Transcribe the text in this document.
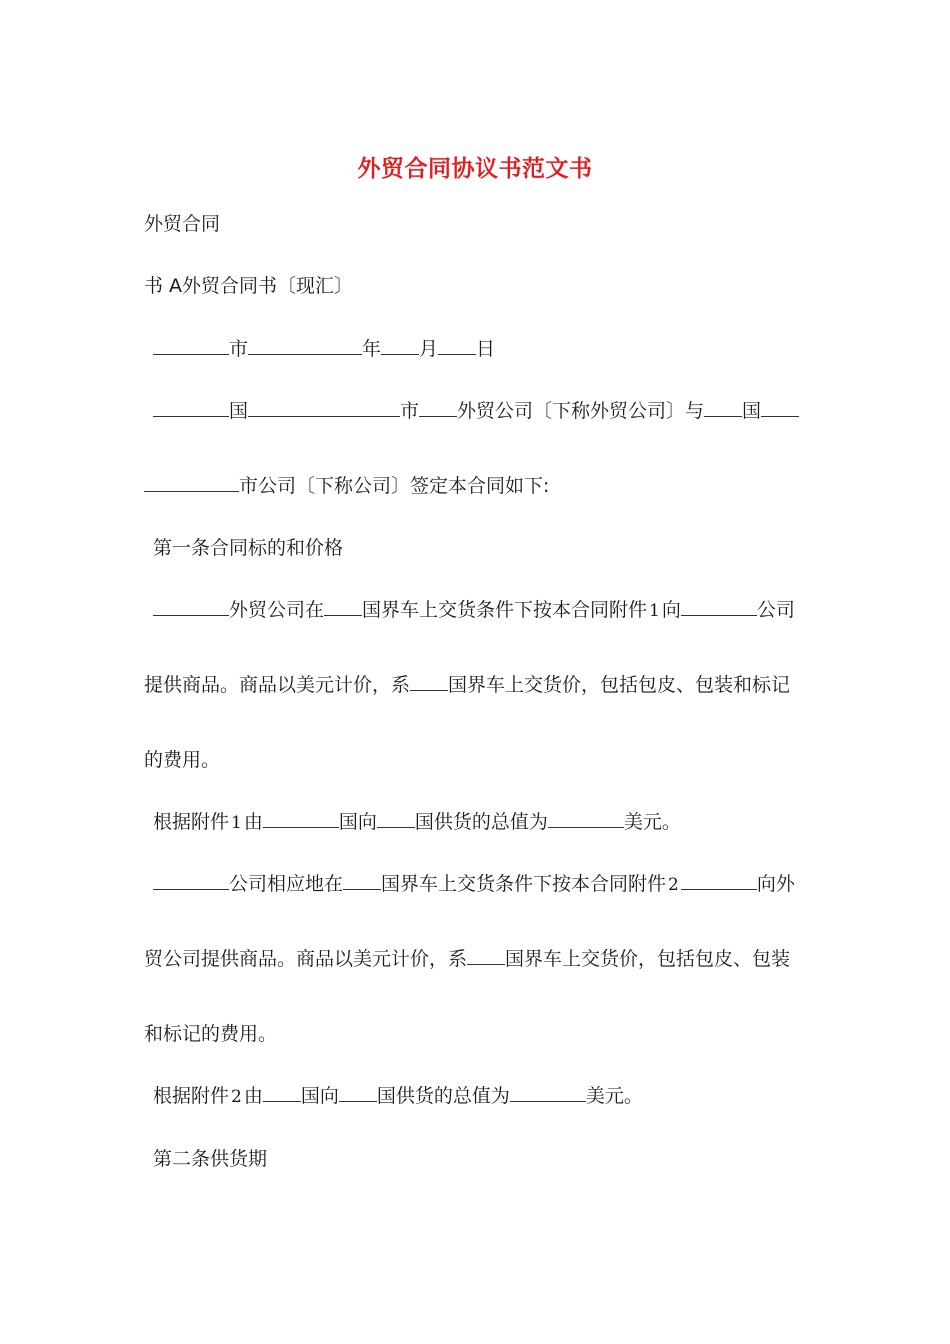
外贸合同协议书范文书
外贸合同
书 A外贸合同书〔现汇〕
市	年 月 日
国	市 外贸公司〔下称外贸公司〕与 国
市公司〔下称公司〕签定本合同如下:
第一条合同标的和价格
外贸公司在 国界车上交货条件下按本合同附件 1 向	公司
提供商品。商品以美元计价，系 国界车上交货价，包括包皮、包装和标记
的费用。
根据附件 1 由	国向 国供货的总值为	美元。
公司相应地在 国界车上交货条件下按本合同附件 2	向外
贸公司提供商品。商品以美元计价，系 国界车上交货价，包括包皮、包装
和标记的费用。
根据附件 2 由 国向 国供货的总值为	美元。
第二条供货期
